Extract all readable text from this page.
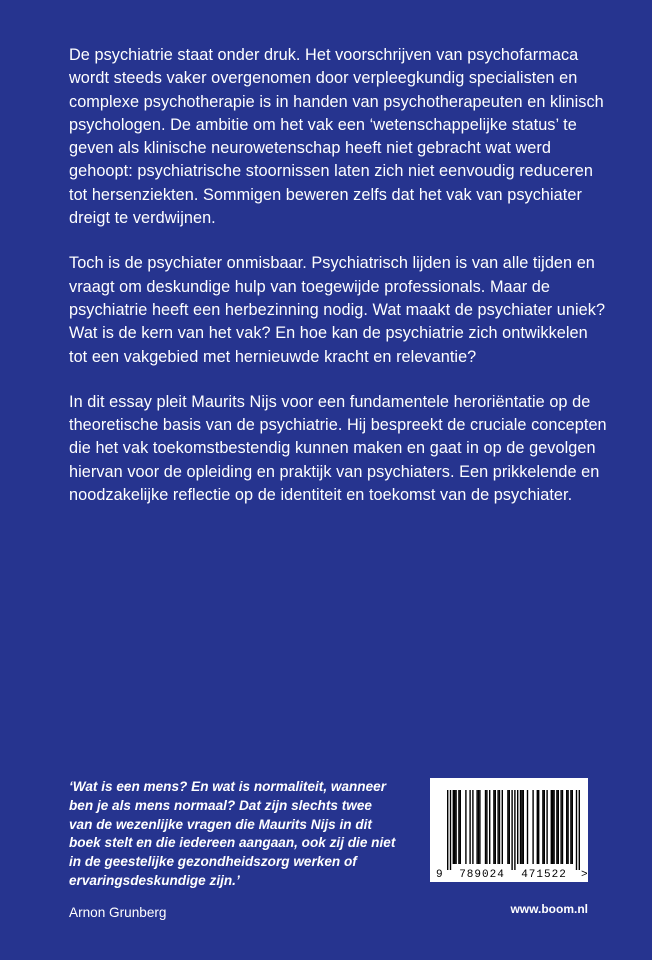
De psychiatrie staat onder druk. Het voorschrijven van psychofarmaca wordt steeds vaker overgenomen door verpleegkundig specialisten en complexe psychotherapie is in handen van psychotherapeuten en klinisch psychologen. De ambitie om het vak een ‘wetenschappelijke status’ te geven als klinische neurowetenschap heeft niet gebracht wat werd gehoopt: psychiatrische stoornissen laten zich niet eenvoudig reduceren tot hersenziekten. Sommigen beweren zelfs dat het vak van psychiater dreigt te verdwijnen.

Toch is de psychiater onmisbaar. Psychiatrisch lijden is van alle tijden en vraagt om deskundige hulp van toegewijde professionals. Maar de psychiatrie heeft een herbezinning nodig. Wat maakt de psychiater uniek? Wat is de kern van het vak? En hoe kan de psychiatrie zich ontwikkelen tot een vakgebied met hernieuwde kracht en relevantie?

In dit essay pleit Maurits Nijs voor een fundamentele heroriëntatie op de theoretische basis van de psychiatrie. Hij bespreekt de cruciale concepten die het vak toekomstbestendig kunnen maken en gaat in op de gevolgen hiervan voor de opleiding en praktijk van psychiaters. Een prikkelende en noodzakelijke reflectie op de identiteit en toekomst van de psychiater.

‘Wat is een mens? En wat is normaliteit, wanneer ben je als mens normaal? Dat zijn slechts twee van de wezenlijke vragen die Maurits Nijs in dit boek stelt en die iedereen aangaan, ook zij die niet in de geestelijke gezondheidszorg werken of ervaringsdeskundige zijn.’

Arnon Grunberg

9 789024 471522 >
www.boom.nl
